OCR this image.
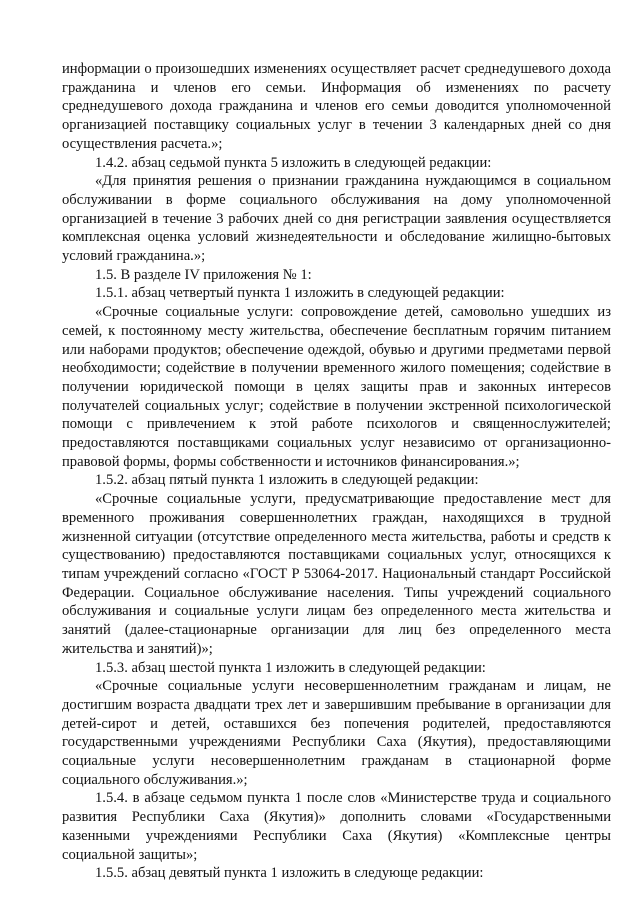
информации о произошедших изменениях осуществляет расчет среднедушевого дохода гражданина и членов его семьи. Информация об изменениях по расчету среднедушевого дохода гражданина и членов его семьи доводится уполномоченной организацией поставщику социальных услуг в течении 3 календарных дней со дня осуществления расчета.»;

1.4.2. абзац седьмой пункта 5 изложить в следующей редакции:

«Для принятия решения о признании гражданина нуждающимся в социальном обслуживании в форме социального обслуживания на дому уполномоченной организацией в течение 3 рабочих дней со дня регистрации заявления осуществляется комплексная оценка условий жизнедеятельности и обследование жилищно-бытовых условий гражданина.»;

1.5. В разделе IV приложения № 1:

1.5.1. абзац четвертый пункта 1 изложить в следующей редакции:

«Срочные социальные услуги: сопровождение детей, самовольно ушедших из семей, к постоянному месту жительства, обеспечение бесплатным горячим питанием или наборами продуктов; обеспечение одеждой, обувью и другими предметами первой необходимости; содействие в получении временного жилого помещения; содействие в получении юридической помощи в целях защиты прав и законных интересов получателей социальных услуг; содействие в получении экстренной психологической помощи с привлечением к этой работе психологов и священнослужителей; предоставляются поставщиками социальных услуг независимо от организационно-правовой формы, формы собственности и источников финансирования.»;

1.5.2. абзац пятый пункта 1 изложить в следующей редакции:

«Срочные социальные услуги, предусматривающие предоставление мест для временного проживания совершеннолетних граждан, находящихся в трудной жизненной ситуации (отсутствие определенного места жительства, работы и средств к существованию) предоставляются поставщиками социальных услуг, относящихся к типам учреждений согласно «ГОСТ Р 53064-2017. Национальный стандарт Российской Федерации. Социальное обслуживание населения. Типы учреждений социального обслуживания и социальные услуги лицам без определенного места жительства и занятий (далее-стационарные организации для лиц без определенного места жительства и занятий)»;

1.5.3. абзац шестой пункта 1 изложить в следующей редакции:

«Срочные социальные услуги несовершеннолетним гражданам и лицам, не достигшим возраста двадцати трех лет и завершившим пребывание в организации для детей-сирот и детей, оставшихся без попечения родителей, предоставляются государственными учреждениями Республики Саха (Якутия), предоставляющими социальные услуги несовершеннолетним гражданам в стационарной форме социального обслуживания.»;

1.5.4. в абзаце седьмом пункта 1 после слов «Министерстве труда и социального развития Республики Саха (Якутия)» дополнить словами «Государственными казенными учреждениями Республики Саха (Якутия) «Комплексные центры социальной защиты»;

1.5.5. абзац девятый пункта 1 изложить в следующе редакции:
